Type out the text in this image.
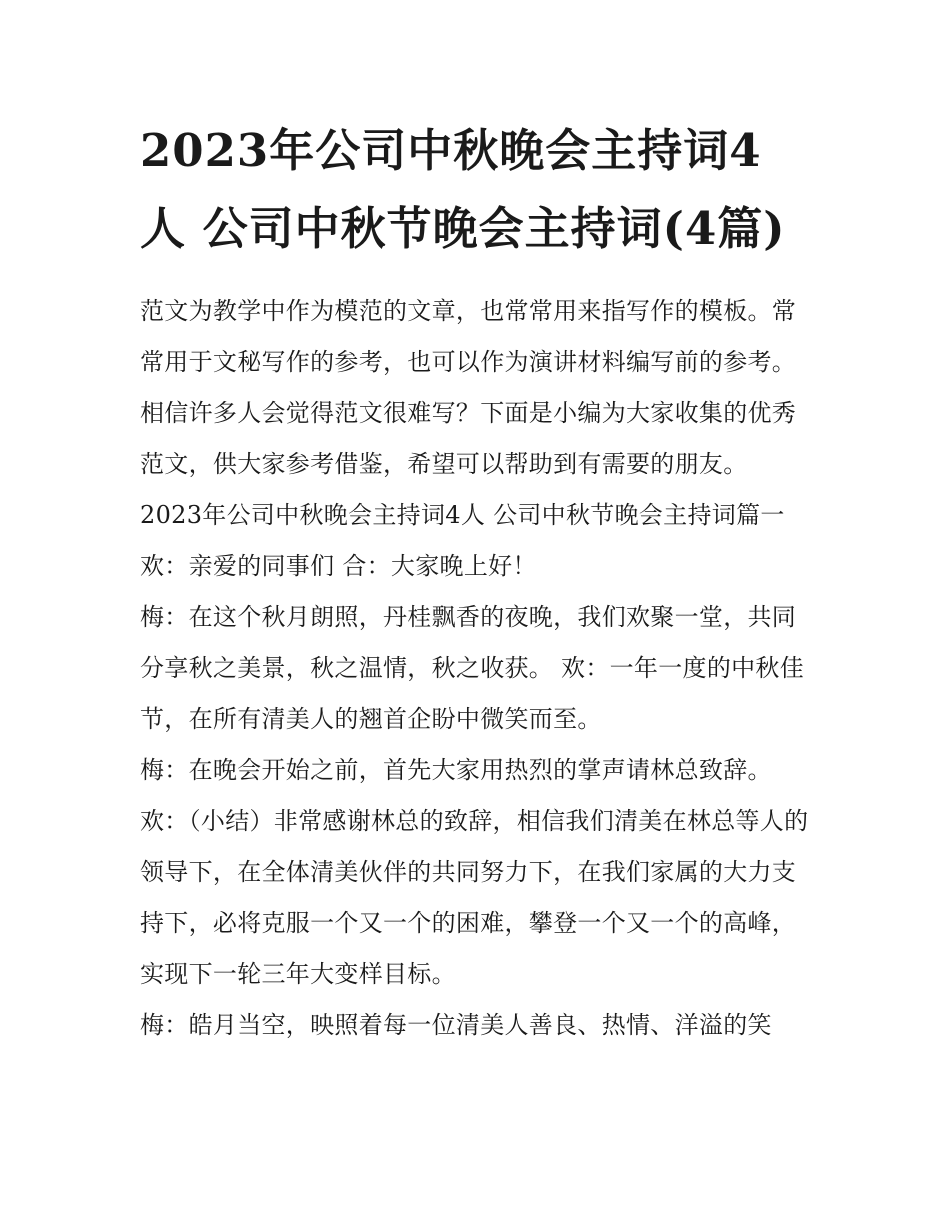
2023年公司中秋晚会主持词4人 公司中秋节晚会主持词(4篇)

范文为教学中作为模范的文章，也常常用来指写作的模板。常常用于文秘写作的参考，也可以作为演讲材料编写前的参考。相信许多人会觉得范文很难写？下面是小编为大家收集的优秀范文，供大家参考借鉴，希望可以帮助到有需要的朋友。

2023年公司中秋晚会主持词4人 公司中秋节晚会主持词篇一

欢：亲爱的同事们 合：大家晚上好！

梅：在这个秋月朗照，丹桂飘香的夜晚，我们欢聚一堂，共同分享秋之美景，秋之温情，秋之收获。 欢：一年一度的中秋佳节，在所有清美人的翘首企盼中微笑而至。

梅：在晚会开始之前，首先大家用热烈的掌声请林总致辞。

欢：（小结）非常感谢林总的致辞，相信我们清美在林总等人的领导下，在全体清美伙伴的共同努力下，在我们家属的大力支持下，必将克服一个又一个的困难，攀登一个又一个的高峰，实现下一轮三年大变样目标。

梅：皓月当空，映照着每一位清美人善良、热情、洋溢的笑
